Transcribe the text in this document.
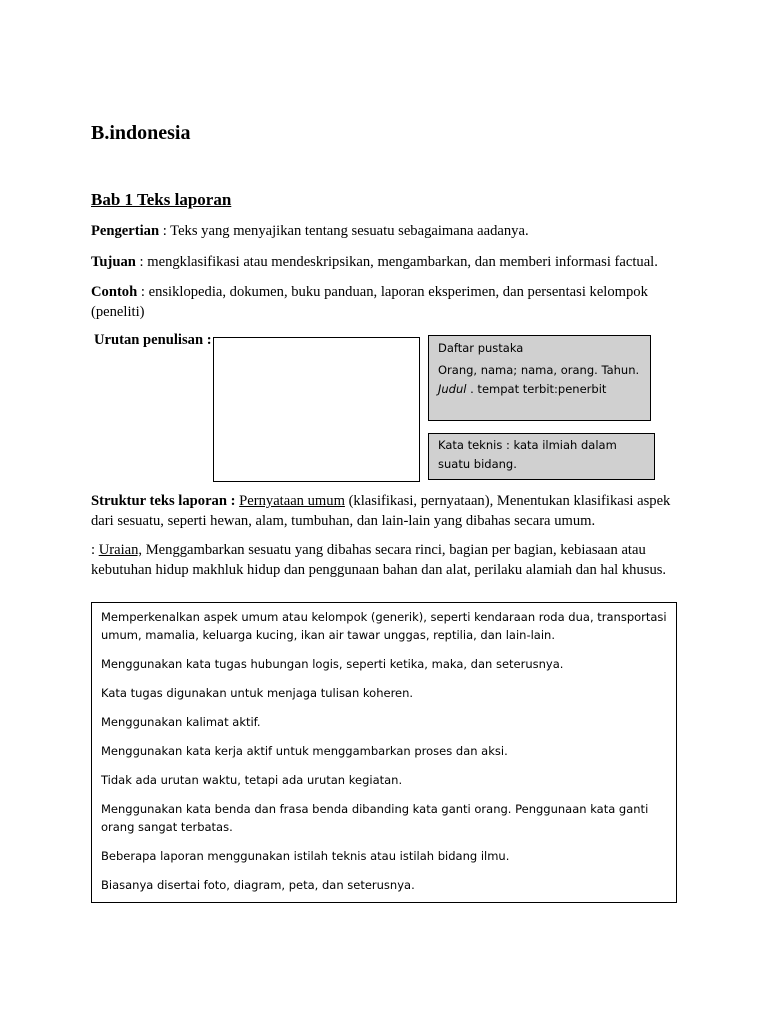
B.indonesia
Bab 1 Teks laporan
Pengertian : Teks yang menyajikan tentang sesuatu sebagaimana aadanya.
Tujuan : mengklasifikasi atau mendeskripsikan, mengambarkan, dan memberi informasi factual.
Contoh : ensiklopedia, dokumen, buku panduan, laporan eksperimen, dan persentasi kelompok (peneliti)
Urutan penulisan :	Daftar pustaka
Orang, nama; nama, orang. Tahun.
Judul . tempat terbit:penerbit
Kata teknis : kata ilmiah dalam suatu bidang.
Struktur teks laporan : Pernyataan umum (klasifikasi, pernyataan), Menentukan klasifikasi aspek dari sesuatu, seperti hewan, alam, tumbuhan, dan lain-lain yang dibahas secara umum.
: Uraian, Menggambarkan sesuatu yang dibahas secara rinci, bagian per bagian, kebiasaan atau kebutuhan hidup makhluk hidup dan penggunaan bahan dan alat, perilaku alamiah dan hal khusus.
Memperkenalkan aspek umum atau kelompok (generik), seperti kendaraan roda dua, transportasi umum, mamalia, keluarga kucing, ikan air tawar unggas, reptilia, dan lain-lain.
Menggunakan kata tugas hubungan logis, seperti ketika, maka, dan seterusnya.
Kata tugas digunakan untuk menjaga tulisan koheren.
Menggunakan kalimat aktif.
Menggunakan kata kerja aktif untuk menggambarkan proses dan aksi.
Tidak ada urutan waktu, tetapi ada urutan kegiatan.
Menggunakan kata benda dan frasa benda dibanding kata ganti orang. Penggunaan kata ganti orang sangat terbatas.
Beberapa laporan menggunakan istilah teknis atau istilah bidang ilmu.
Biasanya disertai foto, diagram, peta, dan seterusnya.
